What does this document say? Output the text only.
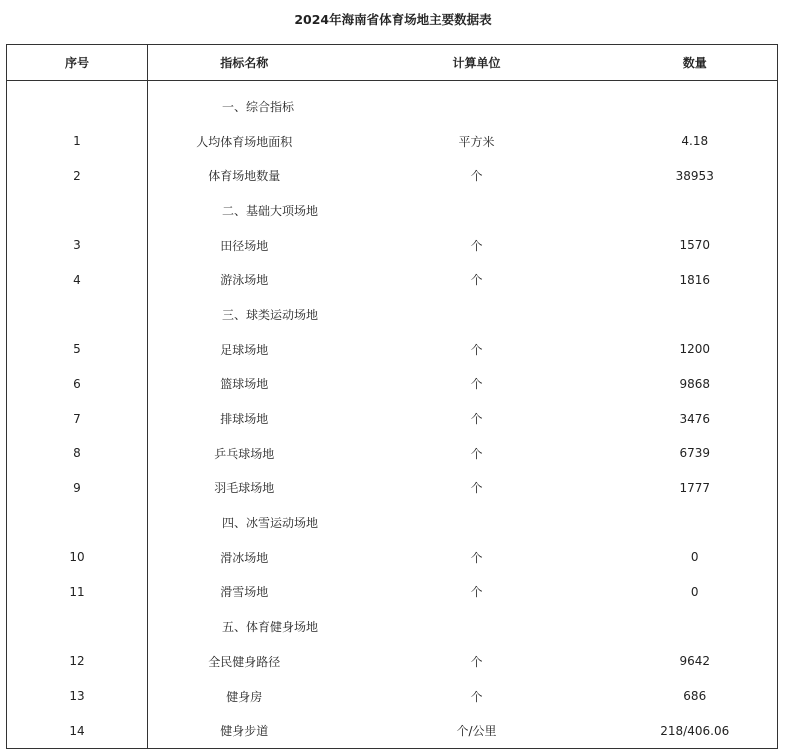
2024年海南省体育场地主要数据表
序号	指标名称	计算单位	数量

	一、综合指标		
1	人均体育场地面积	平方米	4.18
2	体育场地数量	个	38953
	二、基础大项场地		
3	田径场地	个	1570
4	游泳场地	个	1816
	三、球类运动场地		
5	足球场地	个	1200
6	篮球场地	个	9868
7	排球场地	个	3476
8	乒乓球场地	个	6739
9	羽毛球场地	个	1777
	四、冰雪运动场地		
10	滑冰场地	个	0
11	滑雪场地	个	0
	五、体育健身场地		
12	全民健身路径	个	9642
13	健身房	个	686
14	健身步道	个/公里	218/406.06
